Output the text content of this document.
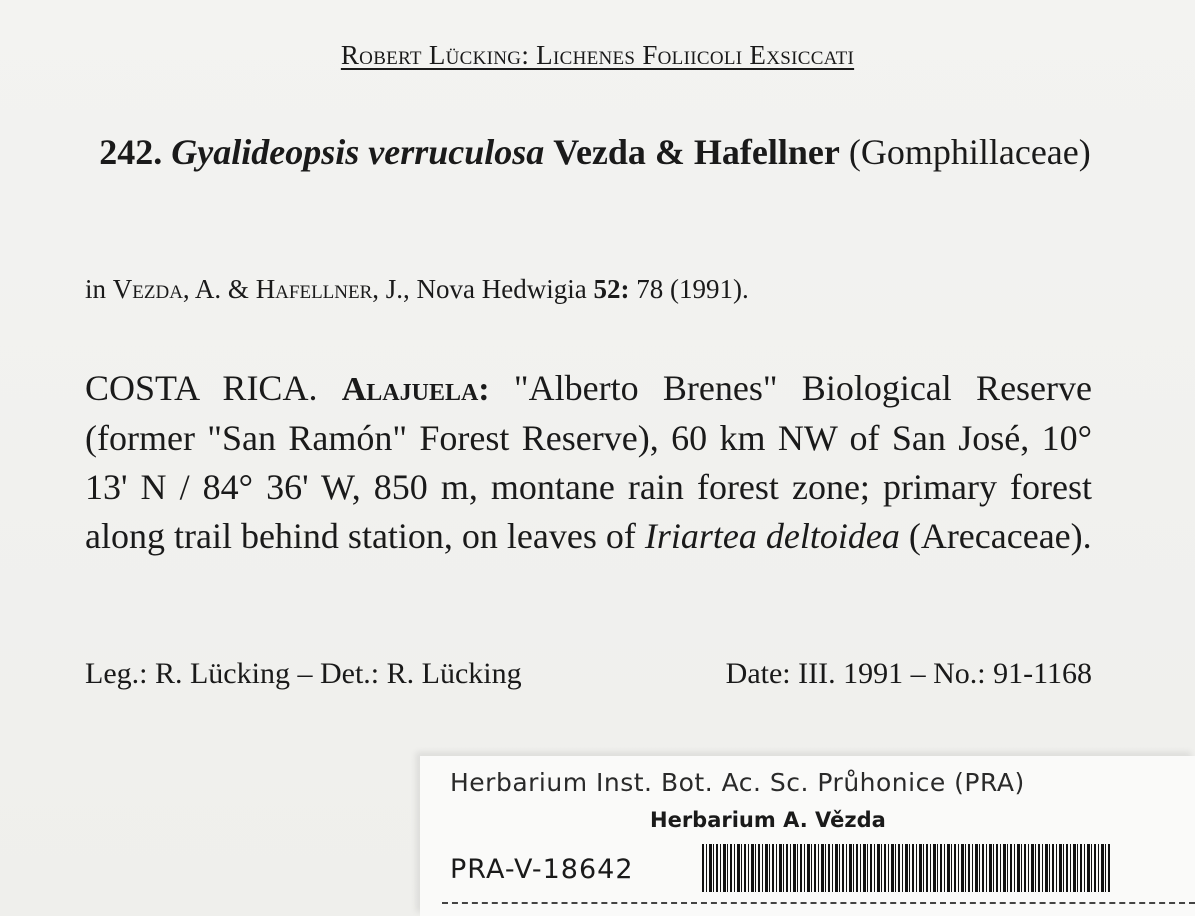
Robert Lücking: Lichenes Foliicoli Exsiccati
242. Gyalideopsis verruculosa Vezda & Hafellner (Gomphillaceae)
in Vezda, A. & Hafellner, J., Nova Hedwigia 52: 78 (1991).
COSTA RICA. Alajuela: "Alberto Brenes" Biological Reserve (former "San Ramón" Forest Reserve), 60 km NW of San José, 10° 13' N / 84° 36' W, 850 m, montane rain forest zone; primary forest along trail behind station, on leaves of Iriartea deltoidea (Arecaceae).
Leg.: R. Lücking – Det.: R. Lücking	Date: III. 1991 – No.: 91-1168
Herbarium Inst. Bot. Ac. Sc. Průhonice (PRA)
Herbarium A. Vězda
PRA-V-18642
